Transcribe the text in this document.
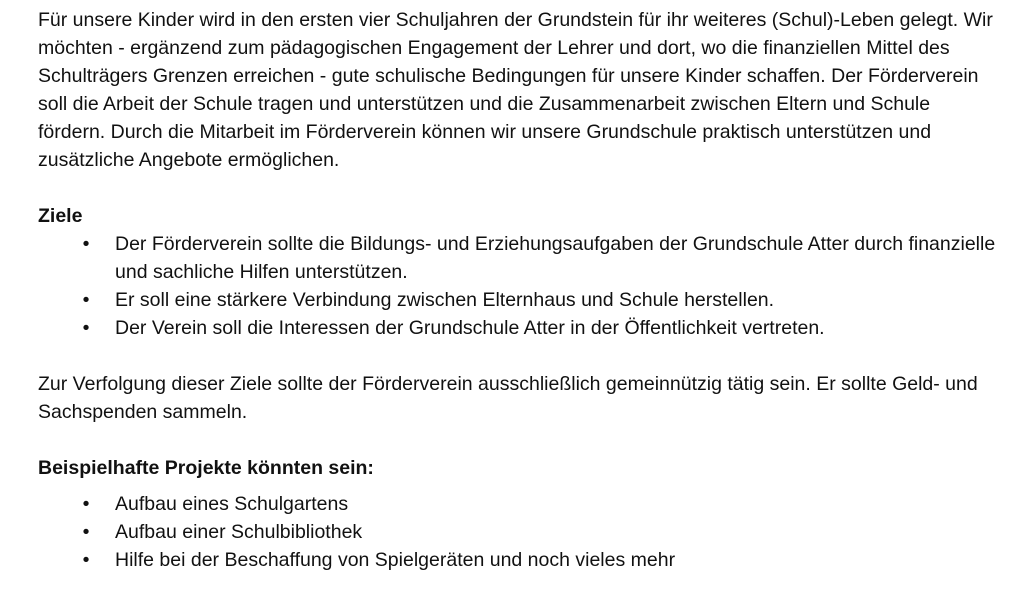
Für unsere Kinder wird in den ersten vier Schuljahren der Grundstein für ihr weiteres (Schul)-Leben gelegt. Wir möchten - ergänzend zum pädagogischen Engagement der Lehrer und dort, wo die finanziellen Mittel des Schulträgers Grenzen erreichen - gute schulische Bedingungen für unsere Kinder schaffen. Der Förderverein soll die Arbeit der Schule tragen und unterstützen und die Zusammenarbeit zwischen Eltern und Schule fördern. Durch die Mitarbeit im Förderverein können wir unsere Grundschule praktisch unterstützen und zusätzliche Angebote ermöglichen.

Ziele

•	Der Förderverein sollte die Bildungs- und Erziehungsaufgaben der Grundschule Atter durch finanzielle und sachliche Hilfen unterstützen.
•	Er soll eine stärkere Verbindung zwischen Elternhaus und Schule herstellen.
•	Der Verein soll die Interessen der Grundschule Atter in der Öffentlichkeit vertreten.

Zur Verfolgung dieser Ziele sollte der Förderverein ausschließlich gemeinnützig tätig sein. Er sollte Geld- und Sachspenden sammeln.

Beispielhafte Projekte könnten sein:

•	Aufbau eines Schulgartens
•	Aufbau einer Schulbibliothek
•	Hilfe bei der Beschaffung von Spielgeräten und noch vieles mehr
